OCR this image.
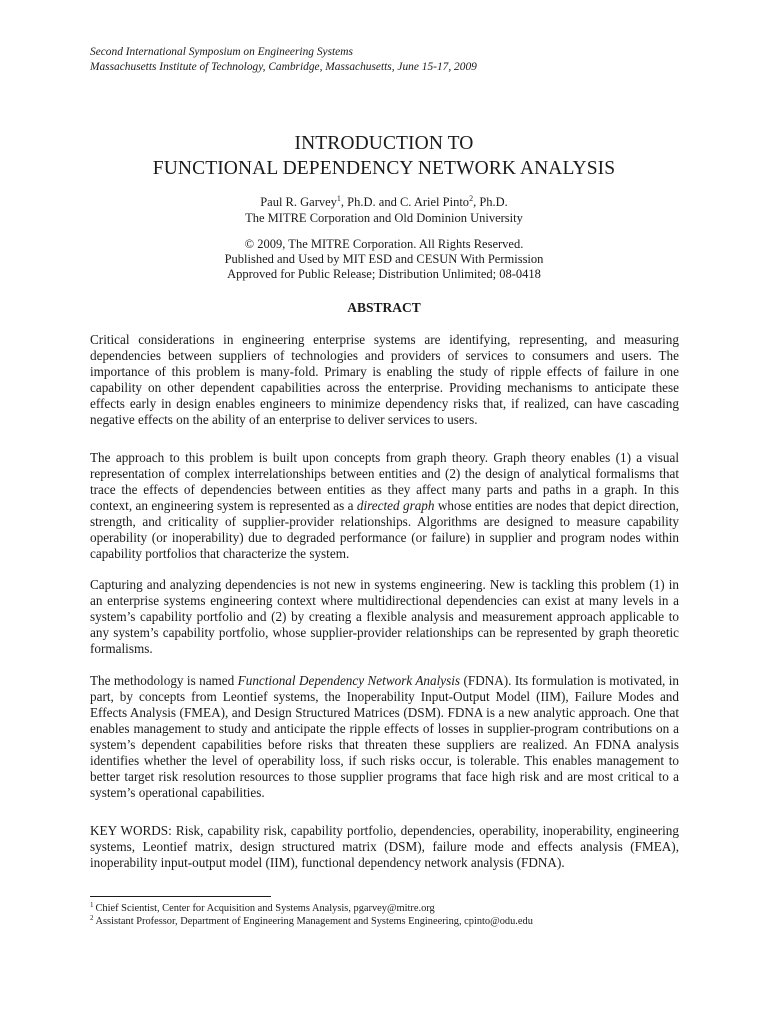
Second International Symposium on Engineering Systems
Massachusetts Institute of Technology, Cambridge, Massachusetts, June 15-17, 2009
INTRODUCTION TO
FUNCTIONAL DEPENDENCY NETWORK ANALYSIS
Paul R. Garvey$^1$, Ph.D. and C. Ariel Pinto$^2$, Ph.D.
The MITRE Corporation and Old Dominion University
© 2009, The MITRE Corporation. All Rights Reserved.
Published and Used by MIT ESD and CESUN With Permission
Approved for Public Release; Distribution Unlimited; 08-0418
ABSTRACT

Critical considerations in engineering enterprise systems are identifying, representing, and measuring dependencies between suppliers of technologies and providers of services to consumers and users. The importance of this problem is many-fold. Primary is enabling the study of ripple effects of failure in one capability on other dependent capabilities across the enterprise. Providing mechanisms to anticipate these effects early in design enables engineers to minimize dependency risks that, if realized, can have cascading negative effects on the ability of an enterprise to deliver services to users.

The approach to this problem is built upon concepts from graph theory. Graph theory enables (1) a visual representation of complex interrelationships between entities and (2) the design of analytical formalisms that trace the effects of dependencies between entities as they affect many parts and paths in a graph. In this context, an engineering system is represented as a directed graph whose entities are nodes that depict direction, strength, and criticality of supplier-provider relationships. Algorithms are designed to measure capability operability (or inoperability) due to degraded performance (or failure) in supplier and program nodes within capability portfolios that characterize the system.

Capturing and analyzing dependencies is not new in systems engineering. New is tackling this problem (1) in an enterprise systems engineering context where multidirectional dependencies can exist at many levels in a system’s capability portfolio and (2) by creating a flexible analysis and measurement approach applicable to any system’s capability portfolio, whose supplier-provider relationships can be represented by graph theoretic formalisms.

The methodology is named Functional Dependency Network Analysis (FDNA). Its formulation is motivated, in part, by concepts from Leontief systems, the Inoperability Input-Output Model (IIM), Failure Modes and Effects Analysis (FMEA), and Design Structured Matrices (DSM). FDNA is a new analytic approach. One that enables management to study and anticipate the ripple effects of losses in supplier-program contributions on a system’s dependent capabilities before risks that threaten these suppliers are realized. An FDNA analysis identifies whether the level of operability loss, if such risks occur, is tolerable. This enables management to better target risk resolution resources to those supplier programs that face high risk and are most critical to a system’s operational capabilities.

KEY WORDS: Risk, capability risk, capability portfolio, dependencies, operability, inoperability, engineering systems, Leontief matrix, design structured matrix (DSM), failure mode and effects analysis (FMEA), inoperability input-output model (IIM), functional dependency network analysis (FDNA).

$^1$ Chief Scientist, Center for Acquisition and Systems Analysis, pgarvey@mitre.org
$^2$ Assistant Professor, Department of Engineering Management and Systems Engineering, cpinto@odu.edu
